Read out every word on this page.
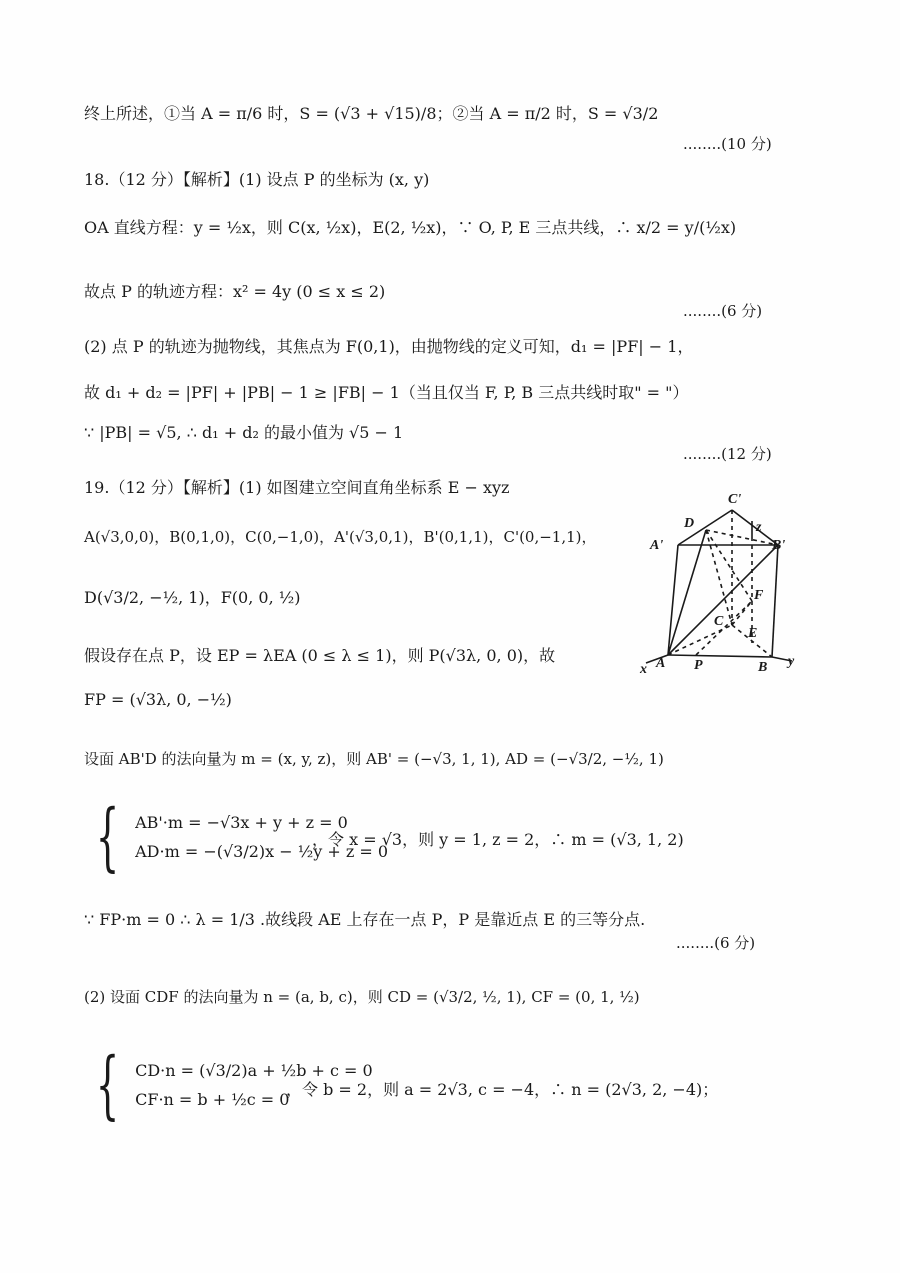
终上所述，①当 A = π/6 时，S = (√3 + √15)/8；②当 A = π/2 时，S = √3/2
........(10 分)
18.（12 分）【解析】(1) 设点 P 的坐标为 (x, y)
OA 直线方程：y = ½x，则 C(x, ½x)，E(2, ½x)，∵ O, P, E 三点共线，∴ x/2 = y/(½x)
故点 P 的轨迹方程：x² = 4y (0 ≤ x ≤ 2)
........(6 分)
(2) 点 P 的轨迹为抛物线，其焦点为 F(0,1)，由抛物线的定义可知，d₁ = |PF| − 1，
故 d₁ + d₂ = |PF| + |PB| − 1 ≥ |FB| − 1（当且仅当 F, P, B 三点共线时取" = "）
∵ |PB| = √5, ∴ d₁ + d₂ 的最小值为 √5 − 1
........(12 分)
19.（12 分）【解析】(1) 如图建立空间直角坐标系 E − xyz
A(√3,0,0)，B(0,1,0)，C(0,−1,0)，A'(√3,0,1)，B'(0,1,1)，C'(0,−1,1)，
D(√3/2, −½, 1)，F(0, 0, ½)
假设存在点 P，设 EP = λEA (0 ≤ λ ≤ 1)，则 P(√3λ, 0, 0)，故
FP = (√3λ, 0, −½)
设面 AB'D 的法向量为 m = (x, y, z)，则 AB' = (−√3, 1, 1), AD = (−√3/2, −½, 1)
{ AB'·m = −√3x + y + z = 0
AD·m = −(√3/2)x − ½y + z = 0
，令 x = √3，则 y = 1, z = 2，∴ m = (√3, 1, 2)
∵ FP·m = 0 ∴ λ = 1/3 .故线段 AE 上存在一点 P，P 是靠近点 E 的三等分点.
........(6 分)
(2) 设面 CDF 的法向量为 n = (a, b, c)，则 CD = (√3/2, ½, 1), CF = (0, 1, ½)
{ CD·n = (√3/2)a + ½b + c = 0
CF·n = b + ½c = 0
，令 b = 2，则 a = 2√3, c = −4，∴ n = (2√3, 2, −4)；
C'
D	z
A'	B'
F
C
E
x A P	B y
